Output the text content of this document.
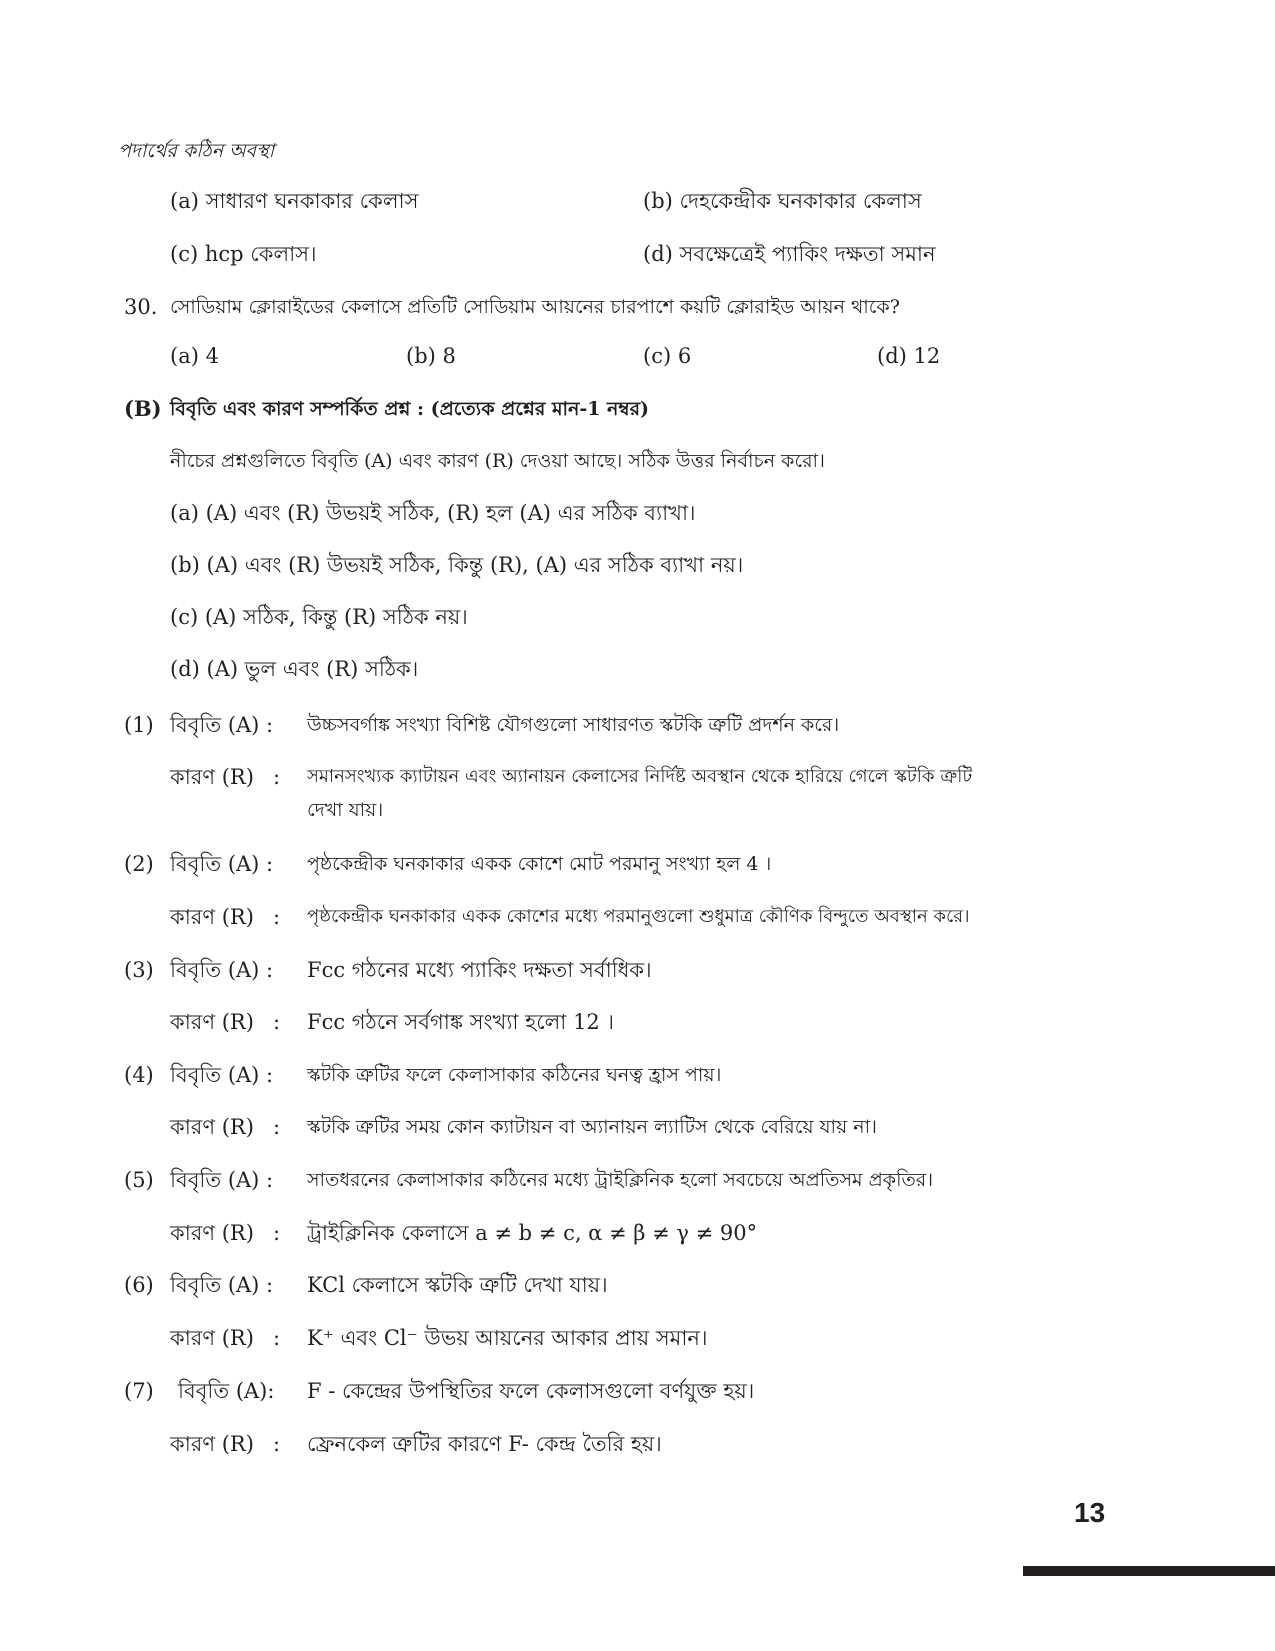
পদার্থের কঠিন অবস্থা
(a) সাধারণ ঘনকাকার কেলাস	(b) দেহকেন্দ্রীক ঘনকাকার কেলাস
(c) hcp কেলাস।	(d) সবক্ষেত্রেই প্যাকিং দক্ষতা সমান
30. সোডিয়াম ক্লোরাইডের কেলাসে প্রতিটি সোডিয়াম আয়নের চারপাশে কয়টি ক্লোরাইড আয়ন থাকে?
(a) 4	(b) 8	(c) 6	(d) 12
(B) বিবৃতি এবং কারণ সম্পর্কিত প্রশ্ন : (প্রত্যেক প্রশ্নের মান-1 নম্বর)
নীচের প্রশ্নগুলিতে বিবৃতি (A) এবং কারণ (R) দেওয়া আছে। সঠিক উত্তর নির্বাচন করো।
(a) (A) এবং (R) উভয়ই সঠিক, (R) হল (A) এর সঠিক ব্যাখা।
(b) (A) এবং (R) উভয়ই সঠিক, কিন্তু (R), (A) এর সঠিক ব্যাখা নয়।
(c) (A) সঠিক, কিন্তু (R) সঠিক নয়।
(d) (A) ভুল এবং (R) সঠিক।
(1) বিবৃতি (A) : উচ্চসবর্গাঙ্ক সংখ্যা বিশিষ্ট যৌগগুলো সাধারণত স্কটকি ত্রুটি প্রদর্শন করে।
কারণ (R) : সমানসংখ্যক ক্যাটায়ন এবং অ্যানায়ন কেলাসের নির্দিষ্ট অবস্থান থেকে হারিয়ে গেলে স্কটকি ত্রুটি
দেখা যায়।
(2) বিবৃতি (A) : পৃষ্ঠকেন্দ্রীক ঘনকাকার একক কোশে মোট পরমানু সংখ্যা হল 4 ।
কারণ (R) : পৃষ্ঠকেন্দ্রীক ঘনকাকার একক কোশের মধ্যে পরমানুগুলো শুধুমাত্র কৌণিক বিন্দুতে অবস্থান করে।
(3) বিবৃতি (A) : Fcc গঠনের মধ্যে প্যাকিং দক্ষতা সর্বাধিক।
কারণ (R) : Fcc গঠনে সর্বগাঙ্ক সংখ্যা হলো 12 ।
(4) বিবৃতি (A) : স্কটকি ত্রুটির ফলে কেলাসাকার কঠিনের ঘনত্ব হ্রাস পায়।
কারণ (R) : স্কটকি ত্রুটির সময় কোন ক্যাটায়ন বা অ্যানায়ন ল্যাটিস থেকে বেরিয়ে যায় না।
(5) বিবৃতি (A) : সাতধরনের কেলাসাকার কঠিনের মধ্যে ট্রাইক্লিনিক হলো সবচেয়ে অপ্রতিসম প্রকৃতির।
কারণ (R) : ট্রাইক্লিনিক কেলাসে a ≠ b ≠ c, α ≠ β ≠ γ ≠ 90°
(6) বিবৃতি (A) : KCl কেলাসে স্কটকি ত্রুটি দেখা যায়।
কারণ (R) : K⁺ এবং Cl⁻ উভয় আয়নের আকার প্রায় সমান।
(7) বিবৃতি (A): F - কেন্দ্রের উপস্থিতির ফলে কেলাসগুলো বর্ণযুক্ত হয়।
কারণ (R) : ফ্রেনকেল ত্রুটির কারণে F- কেন্দ্র তৈরি হয়।
13
